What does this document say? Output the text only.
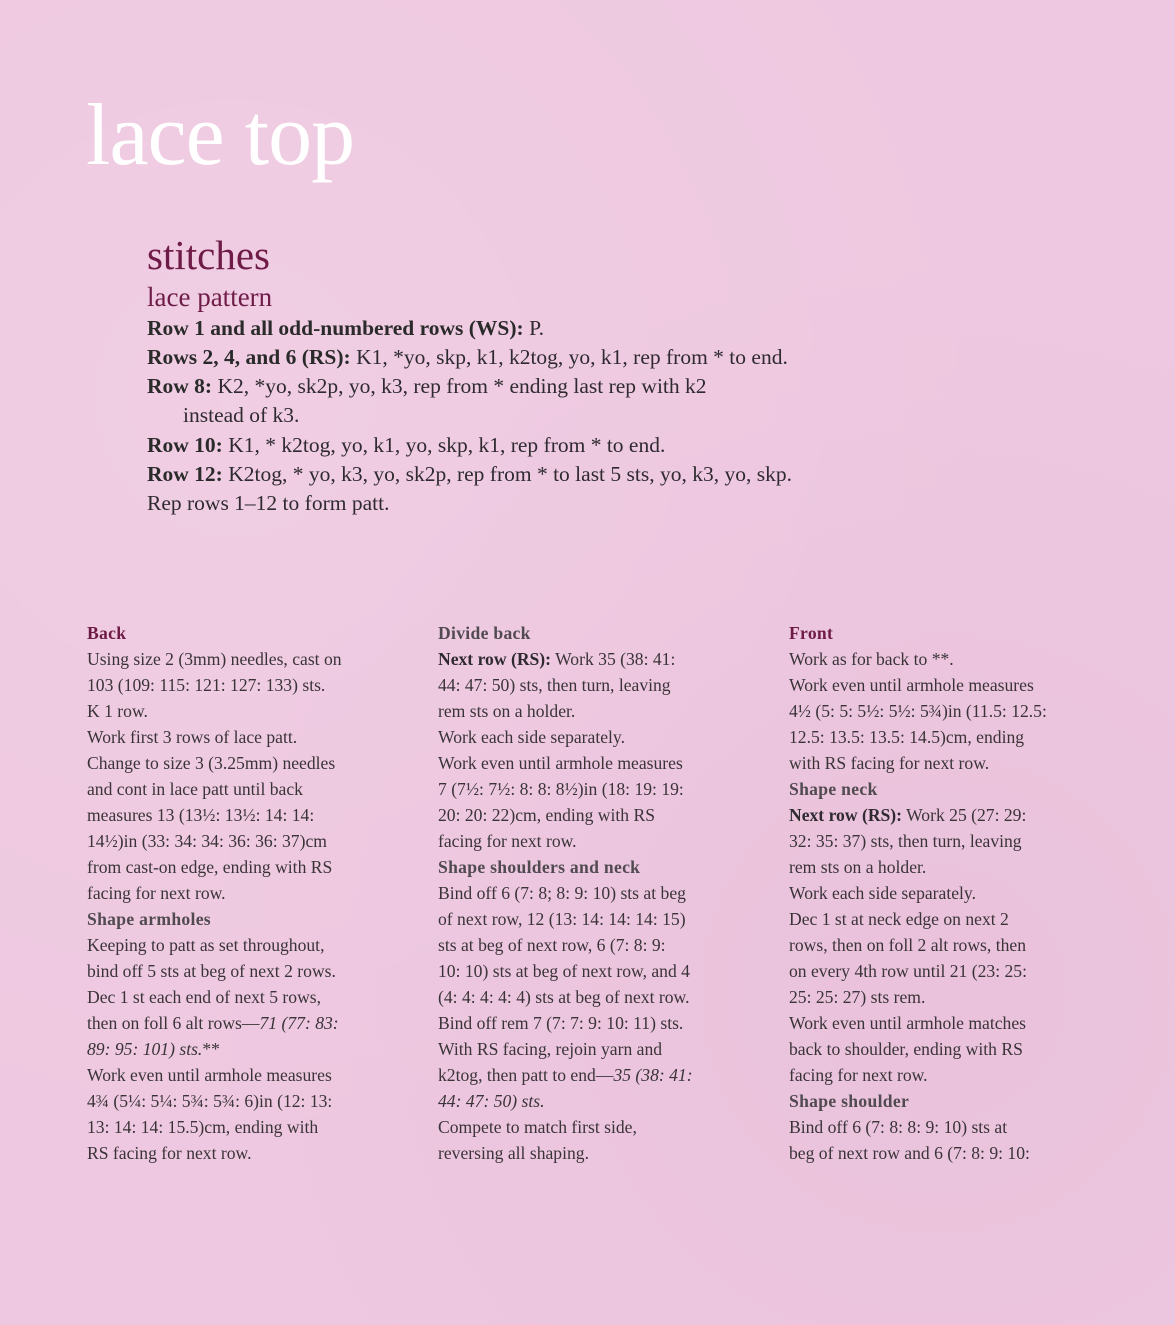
lace top
stitches
lace pattern
Row 1 and all odd-numbered rows (WS): P.
Rows 2, 4, and 6 (RS): K1, *yo, skp, k1, k2tog, yo, k1, rep from * to end.
Row 8: K2, *yo, sk2p, yo, k3, rep from * ending last rep with k2
instead of k3.
Row 10: K1, * k2tog, yo, k1, yo, skp, k1, rep from * to end.
Row 12: K2tog, * yo, k3, yo, sk2p, rep from * to last 5 sts, yo, k3, yo, skp.
Rep rows 1–12 to form patt.

Back

Using size 2 (3mm) needles, cast on

103 (109: 115: 121: 127: 133) sts.

K 1 row.

Work first 3 rows of lace patt.

Change to size 3 (3.25mm) needles

and cont in lace patt until back

measures 13 (13½: 13½: 14: 14:

14½)in (33: 34: 34: 36: 36: 37)cm

from cast-on edge, ending with RS

facing for next row.

Shape armholes

Keeping to patt as set throughout,

bind off 5 sts at beg of next 2 rows.

Dec 1 st each end of next 5 rows,

then on foll 6 alt rows—71 (77: 83:

89: 95: 101) sts.**

Work even until armhole measures

4¾ (5¼: 5¼: 5¾: 5¾: 6)in (12: 13:

13: 14: 14: 15.5)cm, ending with

RS facing for next row.

Divide back

Next row (RS): Work 35 (38: 41:

44: 47: 50) sts, then turn, leaving

rem sts on a holder.

Work each side separately.

Work even until armhole measures

7 (7½: 7½: 8: 8: 8½)in (18: 19: 19:

20: 20: 22)cm, ending with RS

facing for next row.

Shape shoulders and neck

Bind off 6 (7: 8; 8: 9: 10) sts at beg

of next row, 12 (13: 14: 14: 14: 15)

sts at beg of next row, 6 (7: 8: 9:

10: 10) sts at beg of next row, and 4

(4: 4: 4: 4: 4) sts at beg of next row.

Bind off rem 7 (7: 7: 9: 10: 11) sts.

With RS facing, rejoin yarn and

k2tog, then patt to end—35 (38: 41:

44: 47: 50) sts.

Compete to match first side,

reversing all shaping.

Front

Work as for back to **.

Work even until armhole measures

4½ (5: 5: 5½: 5½: 5¾)in (11.5: 12.5:

12.5: 13.5: 13.5: 14.5)cm, ending

with RS facing for next row.

Shape neck

Next row (RS): Work 25 (27: 29:

32: 35: 37) sts, then turn, leaving

rem sts on a holder.

Work each side separately.

Dec 1 st at neck edge on next 2

rows, then on foll 2 alt rows, then

on every 4th row until 21 (23: 25:

25: 25: 27) sts rem.

Work even until armhole matches

back to shoulder, ending with RS

facing for next row.

Shape shoulder

Bind off 6 (7: 8: 8: 9: 10) sts at

beg of next row and 6 (7: 8: 9: 10:
